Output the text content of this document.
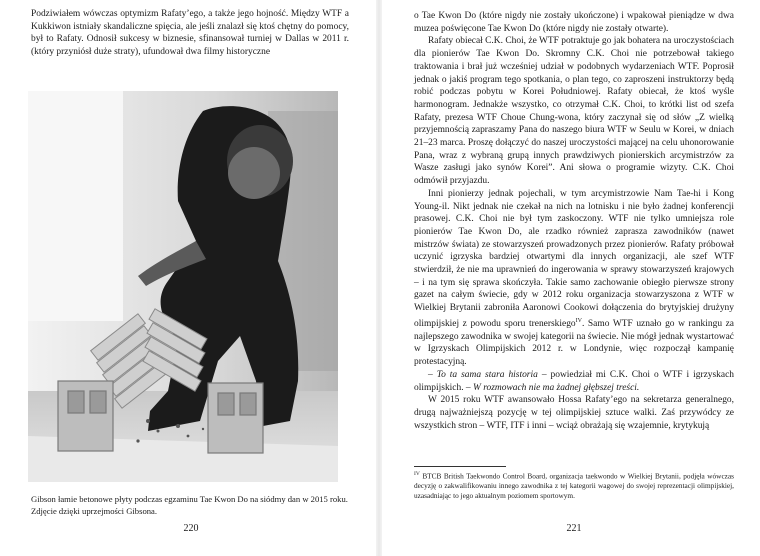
Podziwiałem wówczas optymizm Rafaty’ego, a także jego hojność. Między WTF a Kukkiwon istniały skandaliczne spięcia, ale jeśli znalazł się ktoś chętny do pomocy, był to Rafaty. Odnosił sukcesy w biznesie, sfinansował turniej w Dallas w 2011 r. (który przyniósł duże straty), ufundował dwa filmy historyczne

Gibson łamie betonowe płyty podczas egzaminu Tae Kwon Do na siódmy dan w 2015 roku. Zdjęcie dzięki uprzejmości Gibsona.

220

o Tae Kwon Do (które nigdy nie zostały ukończone) i wpakował pieniądze w dwa muzea poświęcone Tae Kwon Do (które nigdy nie zostały otwarte).

Rafaty obiecał C.K. Choi, że WTF potraktuje go jak bohatera na uroczystościach dla pionierów Tae Kwon Do. Skromny C.K. Choi nie potrzebował takiego traktowania i brał już wcześniej udział w podobnych wydarzeniach WTF. Poprosił jednak o jakiś program tego spotkania, o plan tego, co zaproszeni instruktorzy będą robić podczas pobytu w Korei Południowej. Rafaty obiecał, że ktoś wyśle harmonogram. Jednakże wszystko, co otrzymał C.K. Choi, to krótki list od szefa Rafaty, prezesa WTF Choue Chung-wona, który zaczynał się od słów „Z wielką przyjemnością zapraszamy Pana do naszego biura WTF w Seulu w Korei, w dniach 21–23 marca. Proszę dołączyć do naszej uroczystości mającej na celu uhonorowanie Pana, wraz z wybraną grupą innych prawdziwych pionierskich arcymistrzów za Wasze zasługi jako synów Korei”. Ani słowa o programie wizyty. C.K. Choi odmówił przyjazdu.

Inni pionierzy jednak pojechali, w tym arcymistrzowie Nam Tae-hi i Kong Young-il. Nikt jednak nie czekał na nich na lotnisku i nie było żadnej konferencji prasowej. C.K. Choi nie był tym zaskoczony. WTF nie tylko umniejsza role pionierów Tae Kwon Do, ale rzadko również zaprasza zawodników (nawet mistrzów świata) ze stowarzyszeń prowadzonych przez pionierów. Rafaty próbował uczynić igrzyska bardziej otwartymi dla innych organizacji, ale szef WTF stwierdził, że nie ma uprawnień do ingerowania w sprawy stowarzyszeń krajowych – i na tym się sprawa skończyła. Takie samo zachowanie obiegło pierwsze strony gazet na całym świecie, gdy w 2012 roku organizacja stowarzyszona z WTF w Wielkiej Brytanii zabroniła Aaronowi Cookowi dołączenia do brytyjskiej drużyny olimpijskiej z powodu sporu trenerskiego$^{IV}$. Samo WTF uznało go w rankingu za najlepszego zawodnika w swojej kategorii na świecie. Nie mógł jednak wystartować w Igrzyskach Olimpijskich 2012 r. w Londynie, więc rozpoczął kampanię protestacyjną.

– To ta sama stara historia – powiedział mi C.K. Choi o WTF i igrzyskach olimpijskich. – W rozmowach nie ma żadnej głębszej treści.

W 2015 roku WTF awansowało Hossa Rafaty’ego na sekretarza generalnego, drugą najważniejszą pozycję w tej olimpijskiej sztuce walki. Zaś przywódcy ze wszystkich stron – WTF, ITF i inni – wciąż obrażają się wzajemnie, krytykują

$^{IV}$ BTCB British Taekwondo Control Board, organizacja taekwondo w Wielkiej Brytanii, podjęła wówczas decyzję o zakwalifikowaniu innego zawodnika z tej kategorii wagowej do swojej reprezentacji olimpijskiej, uzasadniając to jego aktualnym poziomem sportowym.

221
